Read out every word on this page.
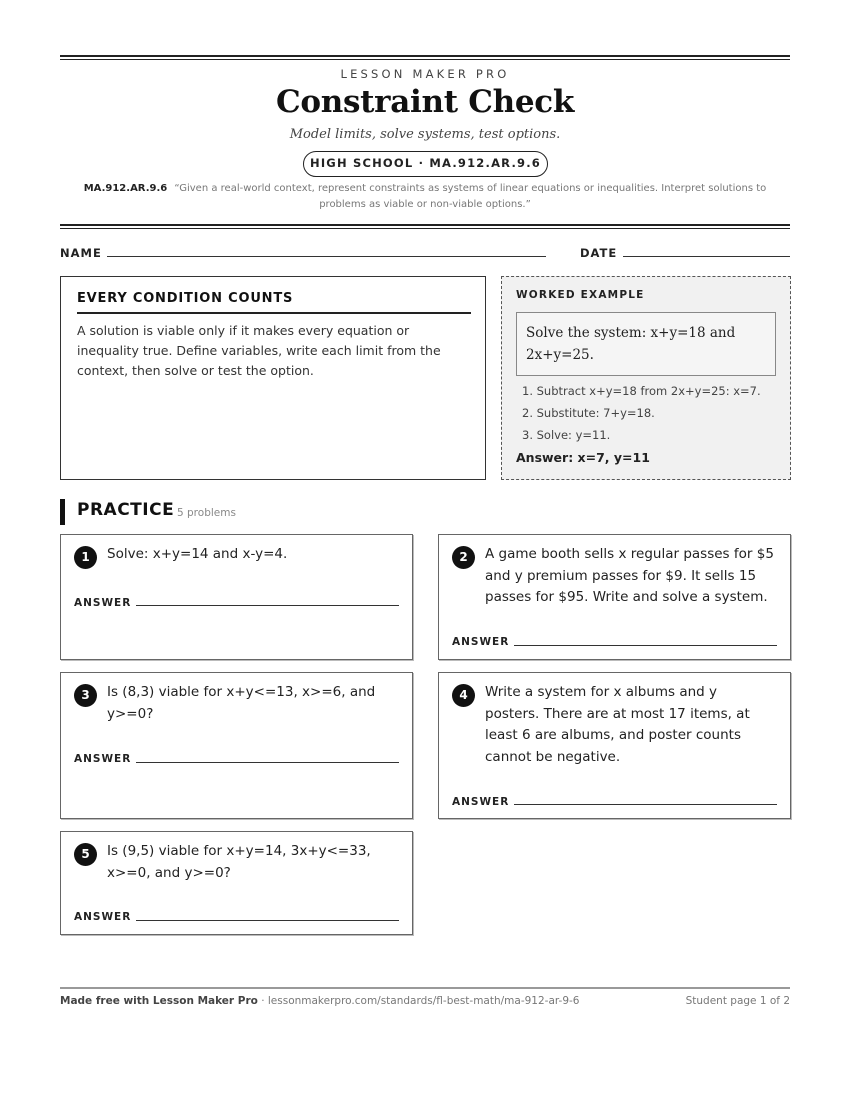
LESSON MAKER PRO
Constraint Check
Model limits, solve systems, test options.
HIGH SCHOOL · MA.912.AR.9.6
MA.912.AR.9.6 “Given a real-world context, represent constraints as systems of linear equations or inequalities. Interpret solutions to problems as viable or non-viable options.”
NAME	DATE
EVERY CONDITION COUNTS
A solution is viable only if it makes every equation or inequality true. Define variables, write each limit from the context, then solve or test the option.
WORKED EXAMPLE
Solve the system: x+y=18 and 2x+y=25.
1. Subtract x+y=18 from 2x+y=25: x=7.
2. Substitute: 7+y=18.
3. Solve: y=11.
Answer: x=7, y=11
PRACTICE 5 problems
1	Solve: x+y=14 and x-y=4.
ANSWER
2	A game booth sells x regular passes for $5 and y premium passes for $9. It sells 15 passes for $95. Write and solve a system.
ANSWER
3	Is (8,3) viable for x+y<=13, x>=6, and y>=0?
ANSWER
4	Write a system for x albums and y posters. There are at most 17 items, at least 6 are albums, and poster counts cannot be negative.
ANSWER
5	Is (9,5) viable for x+y=14, 3x+y<=33, x>=0, and y>=0?
ANSWER
Made free with Lesson Maker Pro · lessonmakerpro.com/standards/fl-best-math/ma-912-ar-9-6	Student page 1 of 2
